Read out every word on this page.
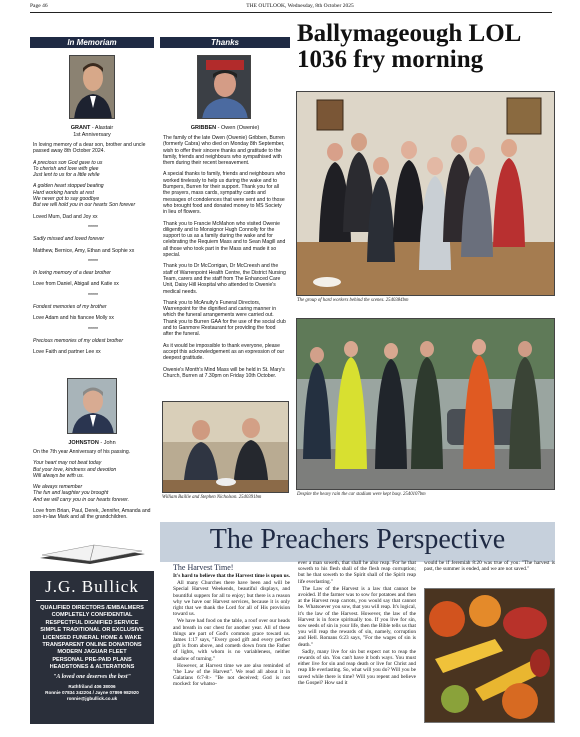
Page 46	THE OUTLOOK, Wednesday, 8th October 2025
In Memoriam
GRANT - Alastair
1st Anniversary

In loving memory of a dear son, brother and uncle passed away 8th October 2024.

A precious son God gave to us
To cherish and love with glee
Just lent to us for a little while

A golden heart stopped beating
Hard working hands at rest
We never got to say goodbye
But we will hold you in our hearts Son forever

Loved Mum, Dad and Joy xx

*****

Sadly missed and loved forever

Matthew, Bernice, Amy, Ethan and Sophie xx

*****

In loving memory of a dear brother

Love from Daniel, Abigail and Katie xx

*****

Fondest memories of my brother

Love Adam and his fiancee Molly xx

*****

Precious memories of my oldest brother

Love Faith and partner Lee xx

JOHNSTON - John

On the 7th year Anniversary of his passing.

Your heart may not beat today
But your love, kindness and devotion
Will always be with us.

We always remember
The fun and laughter you brought
And we will carry you in our hearts forever.

Love from Brian, Paul, Derek, Jennifer, Amanda and son-in-law Mark and all the grandchildren.

Thanks
GRIBBEN - Owen (Owenie)

The family of the late Owen (Owenie) Gribben, Burren (formerly Cabra) who died on Monday 8th September, wish to offer their sincere thanks and gratitude to the family, friends and neighbours who sympathised with them during their recent bereavement.

A special thanks to family, friends and neighbours who worked tirelessly to help us during the wake and to Bumpers, Burren for their support. Thank you for all the prayers, mass cards, sympathy cards and messages of condolences that were sent and to those who brought food and donated money to MS Society in lieu of flowers.

Thank you to Francie McMahon who visited Owenie diligently and to Monsignor Hugh Connolly for the support to us as a family during the wake and for celebrating the Requiem Mass and to Sean Magill and all those who took part in the Mass and made it so special.

Thank you to Dr McCorrigan, Dr McCreesh and the staff of Warrenpoint Health Centre, the District Nursing Team, carers and the staff from The Enhanced Care Unit, Daisy Hill Hospital who attended to Owenie's medical needs.

Thank you to McAnulty's Funeral Directors, Warrenpoint for the dignified and caring manner in which the funeral arrangements were carried out. Thank you to Burren GAA for the use of the social club and to Ganmore Restaurant for providing the food after the funeral.

As it would be impossible to thank everyone, please accept this acknowledgement as an expression of our deepest gratitude.

Owenie's Month's Mind Mass will be held in St. Mary's Church, Burren at 7.30pm on Friday 10th October.

William Baillie and Stephen Nicholson. 2540391bm
Ballymageough LOL 1036 fry morning
The group of hard workers behind the scenes. 2540384bm
Despite the heavy rain the car stadium were kept busy. 2540107bm
The Preachers Perspective
The Harvest Time!

It's hard to believe that the Harvest time is upon us.

All many Churches there have been and will be Special Harvest Weekends, beautiful displays, and bountiful suppers for all to enjoy; but there is a reason why we have our Harvest services, because it is only right that we thank the Lord for all of His provision toward us.

We have had food on the table, a roof over our heads and breath in our chest for another year. All of these things are part of God's common grace toward us. James 1:17 says, "Every good gift and every perfect gift is from above, and cometh down from the Father of lights, with whom is no variableness, neither shadow of turning."

However, at Harvest time we are also reminded of "the Law of the Harvest". We read all about it in Galatians 6:7-8:- "Be not deceived; God is not mocked: for whatso-

ever a man soweth, that shall he also reap. For he that soweth to his flesh shall of the flesh reap corruption; but he that soweth to the Spirit shall of the Spirit reap life everlasting."

The Law of the Harvest is a law that cannot be avoided. If the farmer was to sow for potatoes and then at the Harvest reap carrots, you would say that cannot be. Whatsoever you sow, that you will reap. It's logical, it's the law of the Harvest. However, the law of the Harvest is in force spiritually too. If you live for sin, sow seeds of sin in your life, then the Bible tells us that you will reap the rewards of sin, namely, corruption and Hell. Romans 6:23 says, "For the wages of sin is death."

Sadly, many live for sin but expect not to reap the rewards of sin. You can't have it both ways. You must either live for sin and reap death or live for Christ and reap life everlasting. So, what will you do? Will you be saved while there is time? Will you repent and believe the Gospel? How sad it

would be if Jeremiah 8:20 was true of you: "The harvest is past, the summer is ended, and we are not saved."

J.G. Bullick
QUALIFIED DIRECTORS /EMBALMERS
COMPLETELY CONFIDENTIAL
RESPECTFUL DIGNIFIED SERVICE
SIMPLE TRADITIONAL OR EXCLUSIVE
LICENSED FUNERAL HOME & WAKE
TRANSPARENT ONLINE DONATIONS
MODERN JAGUAR FLEET
PERSONAL PRE-PAID PLANS
HEADSTONES & ALTERATIONS
"A loved one deserves the best"
Rathfriland 406 38006
Ronnie 07834 342204 / Jayne 07899 982920
ronnie@jgbullick.co.uk
